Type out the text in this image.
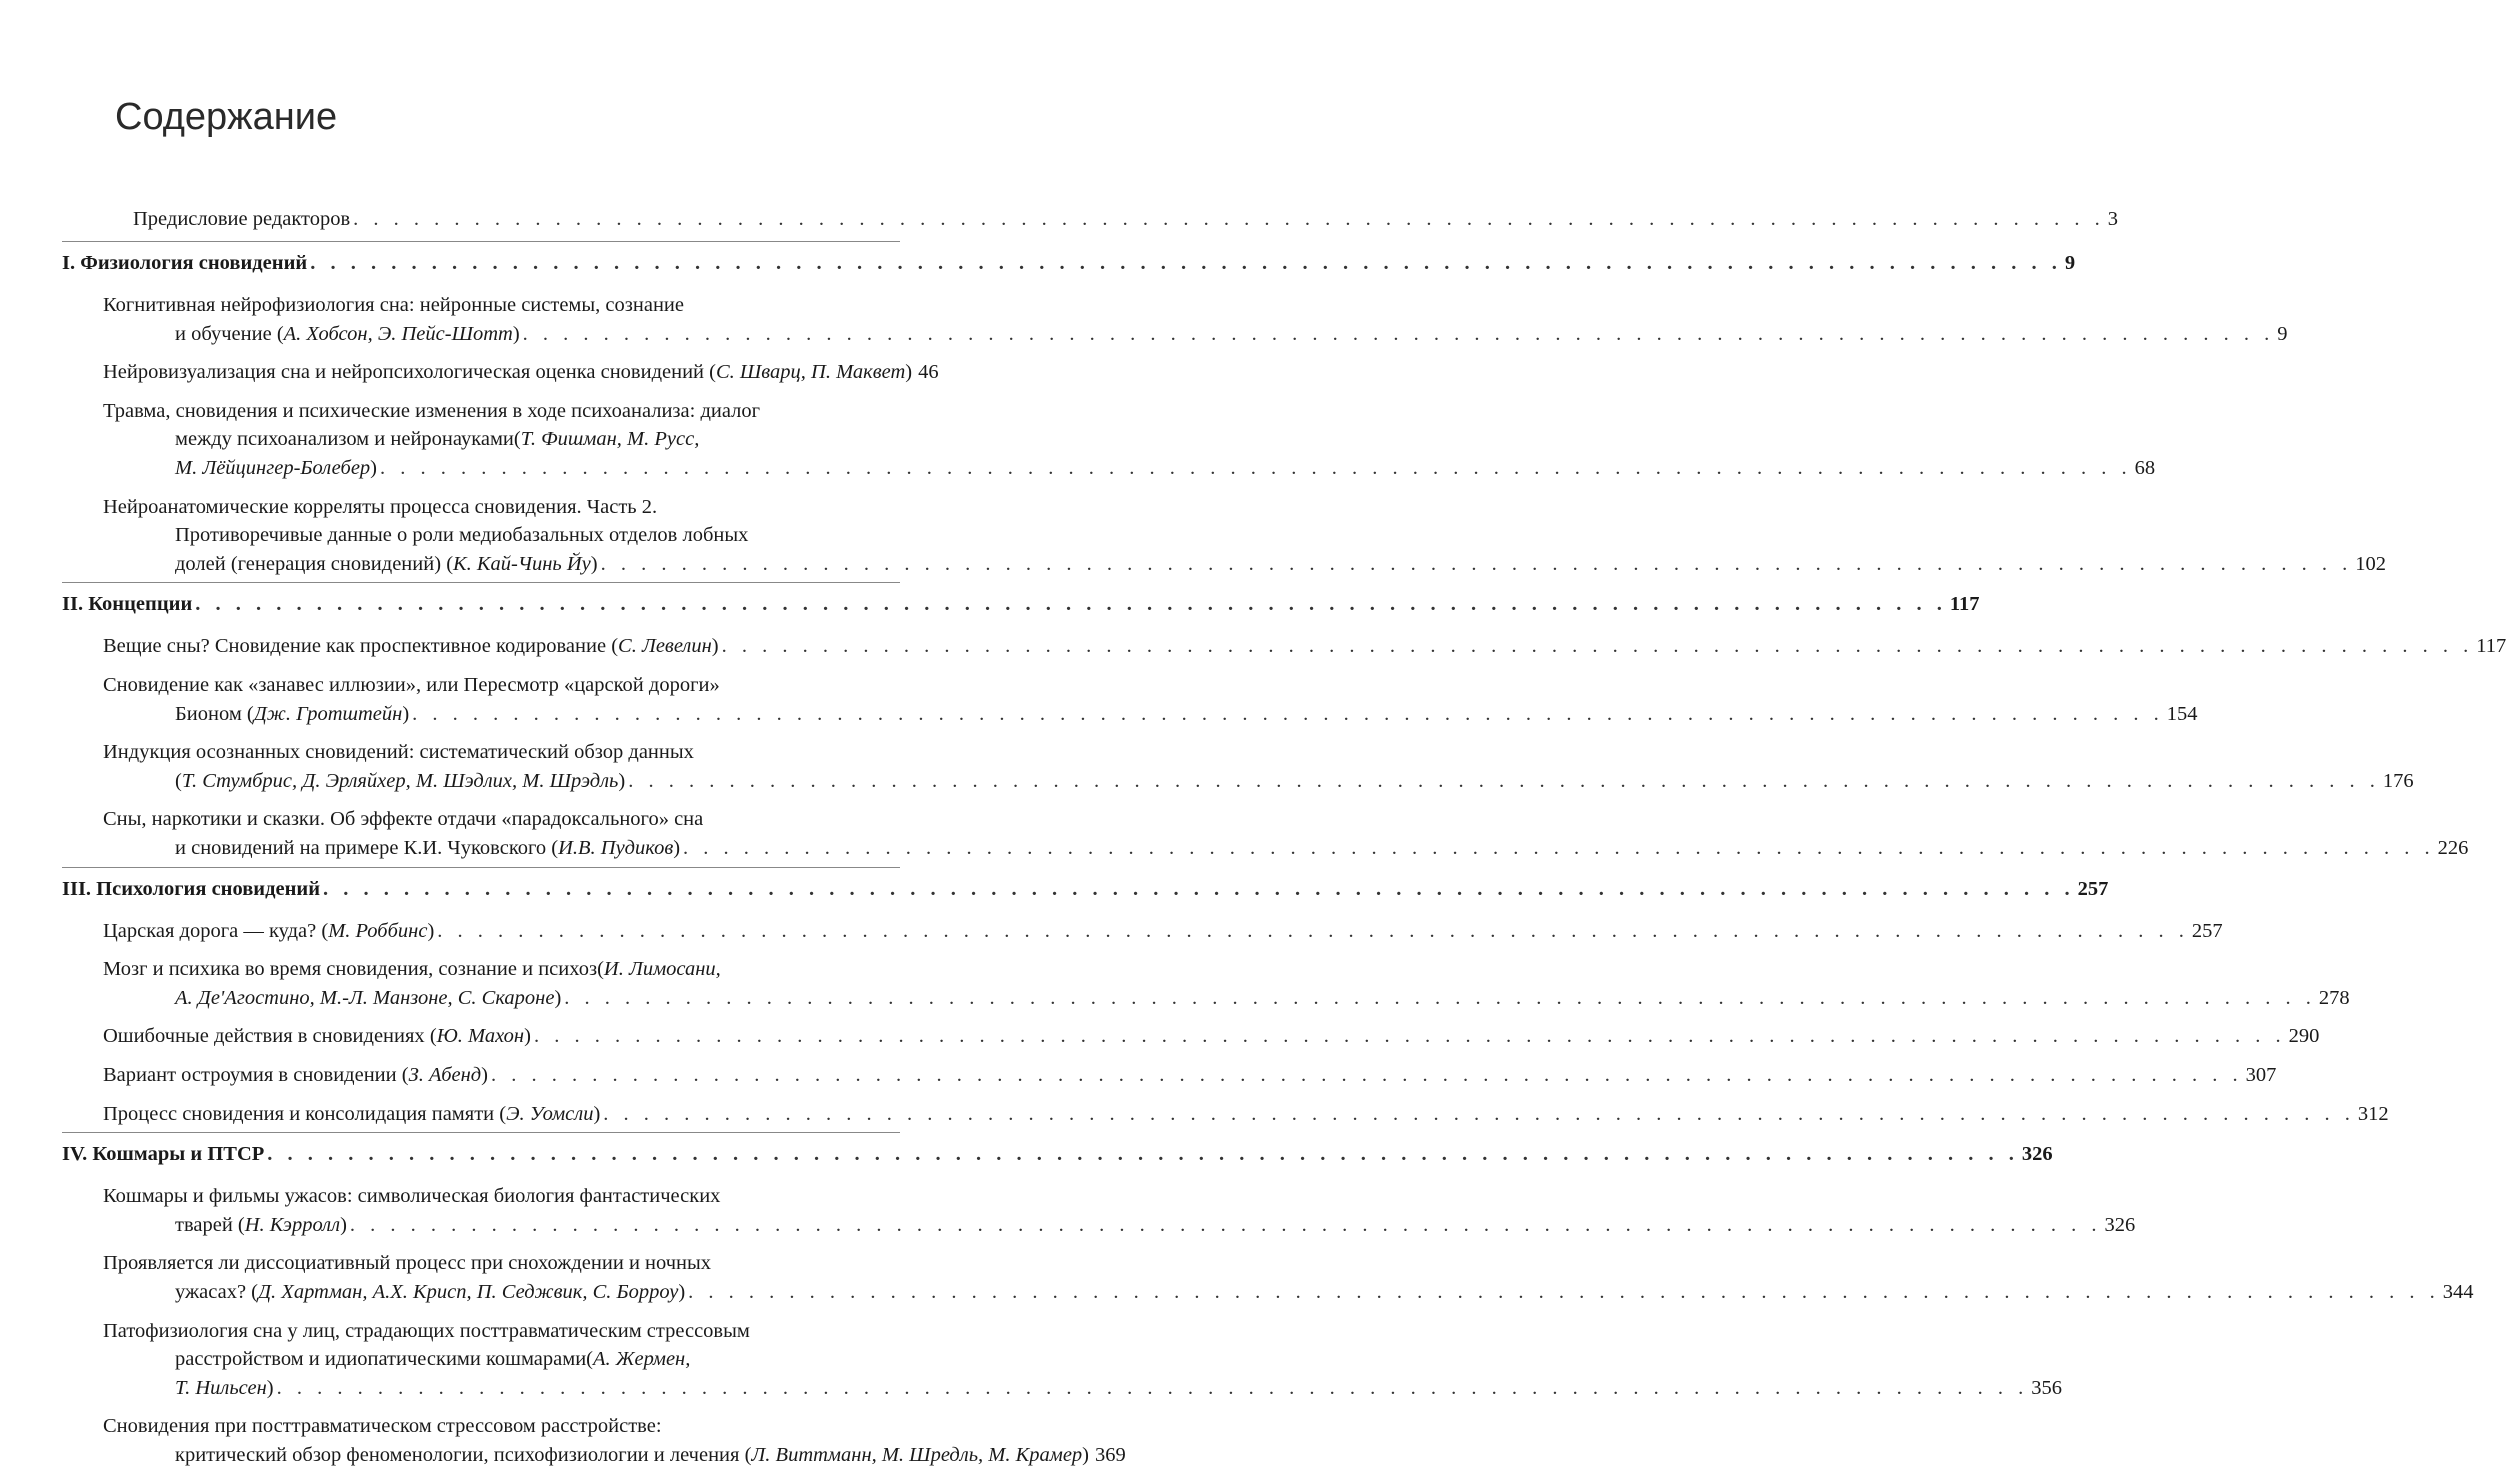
Содержание
Предисловие редакторов . . . . . . . . . . . . . . . . . . . . . . . . . . . . . . . . . . . . . . . . . . . . . . . . . . . . . . . . . . . . . . . . . . . . . . . . . . . . . . . . . . . . . . . 3
I. Физиология сновидений . . . . . . . . . . . . . . . . . . . . . . . . . . . . . . . . . . . . . . . . . . . . . . . . . . . . . . . . . . . . . . . . . . . . . . . . . . . . . . . . . . . . . . . 9
Когнитивная нейрофизиология сна: нейронные системы, сознание
и обучение (А. Хобсон, Э. Пейс-Шотт) . . . . . . . . . . . . . . . . . . . . . . . . . . . . . . . . . . . . . . . . . . . . . . . . . . . . . . . . . . . . . . . . . . . . . . . . . . . . . . . . . . . . . . . 9
Нейровизуализация сна и нейропсихологическая оценка сновидений (С. Шварц, П. Маквет) 46
Травма, сновидения и психические изменения в ходе психоанализа: диалог
между психоанализом и нейронауками ( Т. Фишман, М. Русс,
М. Лёйцингер-Болебер) . . . . . . . . . . . . . . . . . . . . . . . . . . . . . . . . . . . . . . . . . . . . . . . . . . . . . . . . . . . . . . . . . . . . . . . . . . . . . . . . . . . . . . . 68
Нейроанатомические корреляты процесса сновидения. Часть 2.
Противоречивые данные о роли медиобазальных отделов лобных
долей (генерация сновидений) (К. Кай-Чинь Йу) . . . . . . . . . . . . . . . . . . . . . . . . . . . . . . . . . . . . . . . . . . . . . . . . . . . . . . . . . . . . . . . . . . . . . . . . . . . . . . . . . . . . . . . 102
II. Концепции . . . . . . . . . . . . . . . . . . . . . . . . . . . . . . . . . . . . . . . . . . . . . . . . . . . . . . . . . . . . . . . . . . . . . . . . . . . . . . . . . . . . . . . 117
Вещие сны? Сновидение как проспективное кодирование (С. Левелин) . . . . . . . . . . . . . . . . . . . . . . . . . . . . . . . . . . . . . . . . . . . . . . . . . . . . . . . . . . . . . . . . . . . . . . . . . . . . . . . . . . . . . . . 117
Сновидение как «занавес иллюзии», или Пересмотр «царской дороги»
Бионом (Дж. Гротштейн) . . . . . . . . . . . . . . . . . . . . . . . . . . . . . . . . . . . . . . . . . . . . . . . . . . . . . . . . . . . . . . . . . . . . . . . . . . . . . . . . . . . . . . . 154
Индукция осознанных сновидений: систематический обзор данных
(Т. Стумбрис, Д. Эрляйхер, М. Шэдлих, М. Шрэдль) . . . . . . . . . . . . . . . . . . . . . . . . . . . . . . . . . . . . . . . . . . . . . . . . . . . . . . . . . . . . . . . . . . . . . . . . . . . . . . . . . . . . . . . 176
Сны, наркотики и сказки. Об эффекте отдачи «парадоксального» сна
и сновидений на примере К.И. Чуковского (И.В. Пудиков) . . . . . . . . . . . . . . . . . . . . . . . . . . . . . . . . . . . . . . . . . . . . . . . . . . . . . . . . . . . . . . . . . . . . . . . . . . . . . . . . . . . . . . . 226
III. Психология сновидений . . . . . . . . . . . . . . . . . . . . . . . . . . . . . . . . . . . . . . . . . . . . . . . . . . . . . . . . . . . . . . . . . . . . . . . . . . . . . . . . . . . . . . . 257
Царская дорога — куда? (М. Роббинс) . . . . . . . . . . . . . . . . . . . . . . . . . . . . . . . . . . . . . . . . . . . . . . . . . . . . . . . . . . . . . . . . . . . . . . . . . . . . . . . . . . . . . . . 257
Мозг и психика во время сновидения, сознание и психоз ( И. Лимосани,
А. Де'Агостино, М.-Л. Манзоне, С. Скароне) . . . . . . . . . . . . . . . . . . . . . . . . . . . . . . . . . . . . . . . . . . . . . . . . . . . . . . . . . . . . . . . . . . . . . . . . . . . . . . . . . . . . . . . 278
Ошибочные действия в сновидениях (Ю. Махон) . . . . . . . . . . . . . . . . . . . . . . . . . . . . . . . . . . . . . . . . . . . . . . . . . . . . . . . . . . . . . . . . . . . . . . . . . . . . . . . . . . . . . . . 290
Вариант остроумия в сновидении (З. Абенд) . . . . . . . . . . . . . . . . . . . . . . . . . . . . . . . . . . . . . . . . . . . . . . . . . . . . . . . . . . . . . . . . . . . . . . . . . . . . . . . . . . . . . . . 307
Процесс сновидения и консолидация памяти (Э. Уомсли) . . . . . . . . . . . . . . . . . . . . . . . . . . . . . . . . . . . . . . . . . . . . . . . . . . . . . . . . . . . . . . . . . . . . . . . . . . . . . . . . . . . . . . . 312
IV. Кошмары и ПТСР . . . . . . . . . . . . . . . . . . . . . . . . . . . . . . . . . . . . . . . . . . . . . . . . . . . . . . . . . . . . . . . . . . . . . . . . . . . . . . . . . . . . . . . 326
Кошмары и фильмы ужасов: символическая биология фантастических
тварей (Н. Кэрролл) . . . . . . . . . . . . . . . . . . . . . . . . . . . . . . . . . . . . . . . . . . . . . . . . . . . . . . . . . . . . . . . . . . . . . . . . . . . . . . . . . . . . . . . 326
Проявляется ли диссоциативный процесс при снохождении и ночных
ужасах? (Д. Хартман, А.Х. Крисп, П. Седжвик, С. Борроу) . . . . . . . . . . . . . . . . . . . . . . . . . . . . . . . . . . . . . . . . . . . . . . . . . . . . . . . . . . . . . . . . . . . . . . . . . . . . . . . . . . . . . . . 344
Патофизиология сна у лиц, страдающих посттравматическим стрессовым
расстройством и идиопатическими кошмарами ( А. Жермен,
Т. Нильсен) . . . . . . . . . . . . . . . . . . . . . . . . . . . . . . . . . . . . . . . . . . . . . . . . . . . . . . . . . . . . . . . . . . . . . . . . . . . . . . . . . . . . . . . 356
Сновидения при посттравматическом стрессовом расстройстве:
критический обзор феноменологии, психофизиологии и лечения (Л. Виттманн, М. Шредль, М. Крамер) 369
